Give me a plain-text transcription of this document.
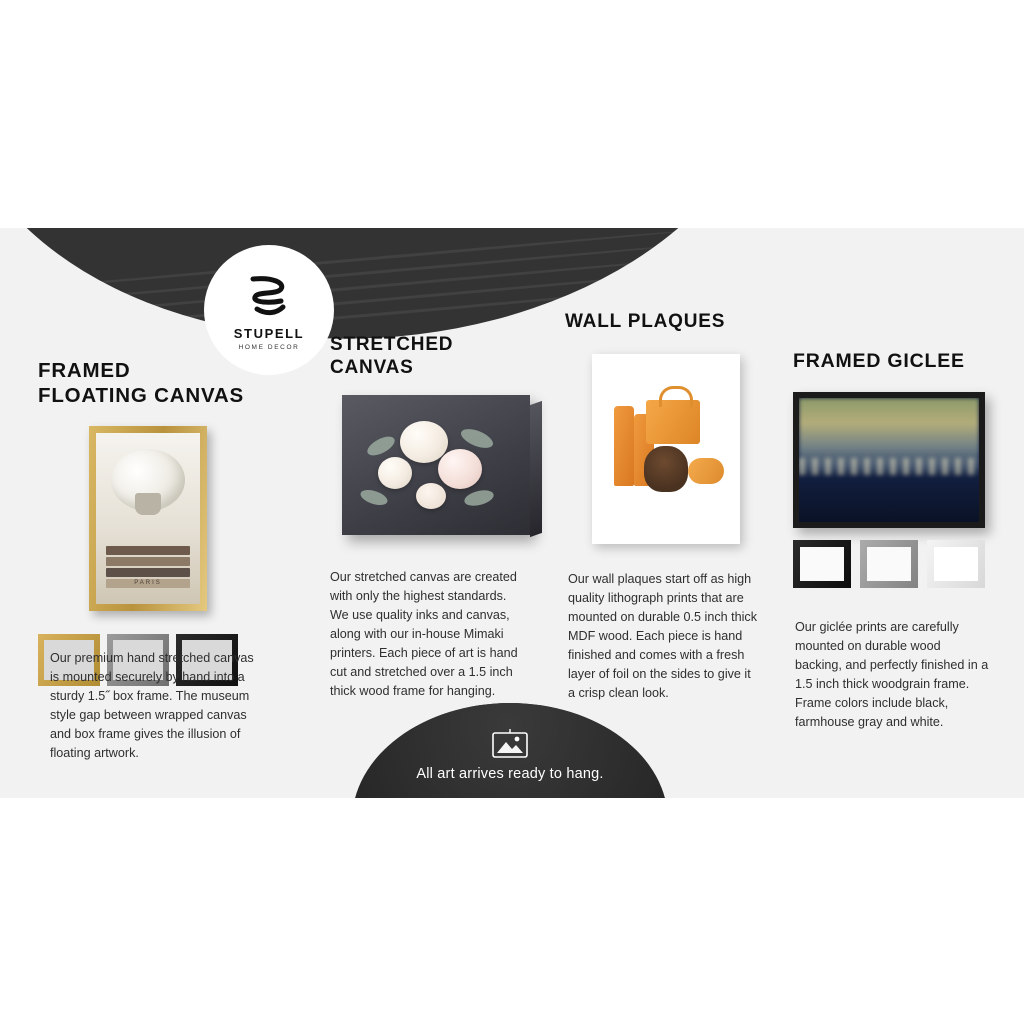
STUPELL
HOME DECOR
FRAMED
FLOATING CANVAS
PARIS

Our premium hand stretched canvas is mounted securely by hand into a sturdy 1.5˝ box frame. The museum style gap between wrapped canvas and box frame gives the illusion of floating artwork.

STRETCHED
CANVAS

Our stretched canvas are created with only the highest standards. We use quality inks and canvas, along with our in-house Mimaki printers. Each piece of art is hand cut and stretched over a 1.5 inch thick wood frame for hanging.

WALL PLAQUES

Our wall plaques start off as high quality lithograph prints that are mounted on durable 0.5 inch thick MDF wood. Each piece is hand finished and comes with a fresh layer of foil on the sides to give it a crisp clean look.

FRAMED GICLEE

Our giclée prints are carefully mounted on durable wood backing, and perfectly finished in a 1.5 inch thick woodgrain frame. Frame colors include black, farmhouse gray and white.

All art arrives ready to hang.
